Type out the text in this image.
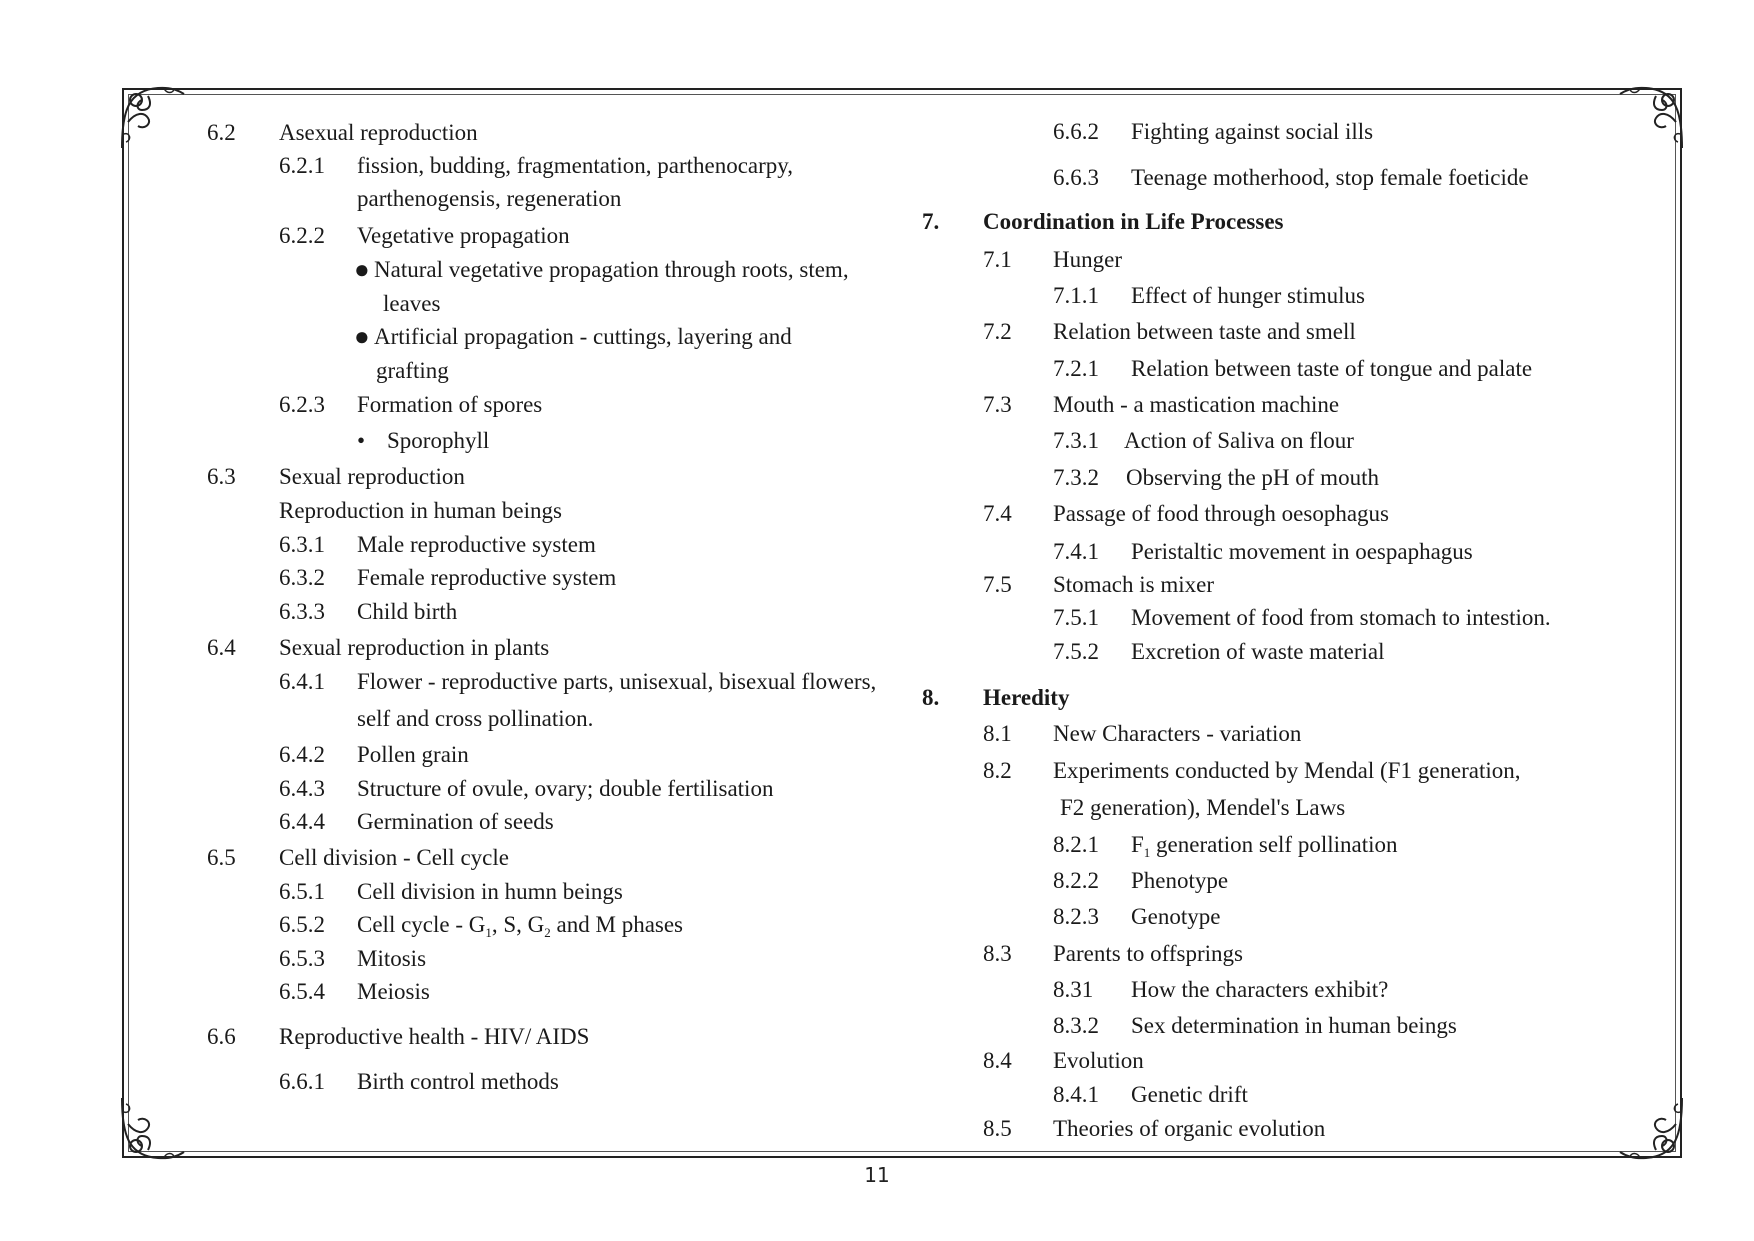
6.2 Asexual reproduction
6.2.1 fission, budding, fragmentation, parthenocarpy,
parthenogensis, regeneration
6.2.2 Vegetative propagation
● Natural vegetative propagation through roots, stem,
leaves
● Artificial propagation - cuttings, layering and
grafting
6.2.3 Formation of spores
• Sporophyll
6.3 Sexual reproduction
Reproduction in human beings
6.3.1 Male reproductive system
6.3.2 Female reproductive system
6.3.3 Child birth
6.4 Sexual reproduction in plants
6.4.1 Flower - reproductive parts, unisexual, bisexual flowers,
self and cross pollination.
6.4.2 Pollen grain
6.4.3 Structure of ovule, ovary; double fertilisation
6.4.4 Germination of seeds
6.5 Cell division - Cell cycle
6.5.1 Cell division in humn beings
6.5.2 Cell cycle - $G_1$, S, $G_2$ and M phases
6.5.3 Mitosis
6.5.4 Meiosis
6.6 Reproductive health - HIV/ AIDS
6.6.1 Birth control methods
6.6.2 Fighting against social ills
6.6.3 Teenage motherhood, stop female foeticide
7. Coordination in Life Processes
7.1 Hunger
7.1.1 Effect of hunger stimulus
7.2 Relation between taste and smell
7.2.1 Relation between taste of tongue and palate
7.3 Mouth - a mastication machine
7.3.1 Action of Saliva on flour
7.3.2 Observing the pH of mouth
7.4 Passage of food through oesophagus
7.4.1 Peristaltic movement in oespaphagus
7.5 Stomach is mixer
7.5.1 Movement of food from stomach to intestion.
7.5.2 Excretion of waste material
8. Heredity
8.1 New Characters - variation
8.2 Experiments conducted by Mendal (F1 generation,
F2 generation), Mendel's Laws
8.2.1 $F_1$ generation self pollination
8.2.2 Phenotype
8.2.3 Genotype
8.3 Parents to offsprings
8.31 How the characters exhibit?
8.3.2 Sex determination in human beings
8.4 Evolution
8.4.1 Genetic drift
8.5 Theories of organic evolution
11
